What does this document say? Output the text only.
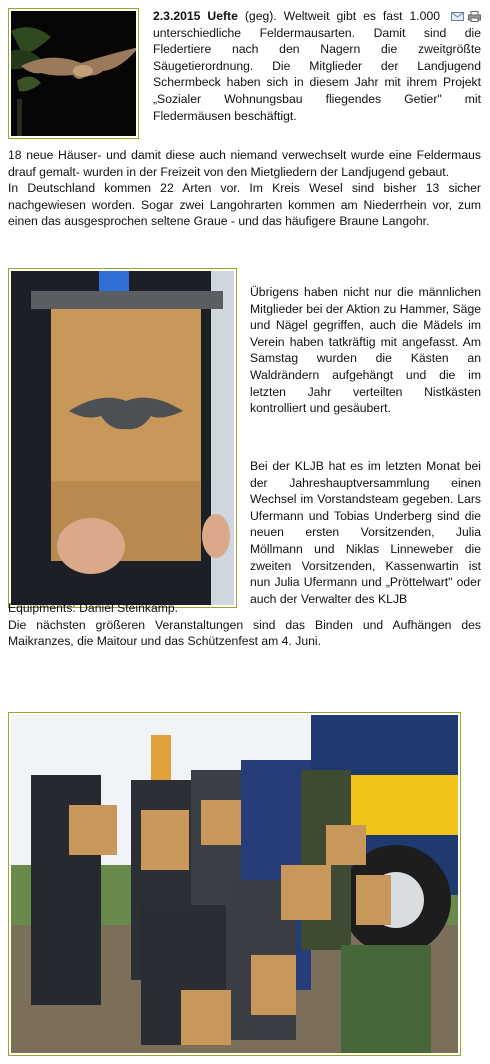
2.3.2015 Uefte (geg). Weltweit gibt es fast 1.000
unterschiedliche Feldermausarten. Damit sind die Fledertiere nach den Nagern die zweitgrößte Säugetierordnung. Die Mitglieder der Landjugend Schermbeck haben sich in diesem Jahr mit ihrem Projekt „Sozialer Wohnungsbau fliegendes Getier" mit Fledermäusen beschäftigt.

18 neue Häuser- und damit diese auch niemand verwechselt wurde eine Feldermaus drauf gemalt- wurden in der Freizeit von den Mietgliedern der Landjugend gebaut.

In Deutschland kommen 22 Arten vor. Im Kreis Wesel sind bisher 13 sicher nachgewiesen worden. Sogar zwei Langohrarten kommen am Niederrhein vor, zum einen das ausgesprochen seltene Graue - und das häufigere Braune Langohr.

Übrigens haben nicht nur die männlichen Mitglieder bei der Aktion zu Hammer, Säge und Nägel gegriffen, auch die Mädels im Verein haben tatkräftig mit angefasst. Am Samstag wurden die Kästen an Waldrändern aufgehängt und die im letzten Jahr verteilten Nistkästen kontrolliert und gesäubert.

Bei der KLJB hat es im letzten Monat bei der Jahreshauptversammlung einen Wechsel im Vorstandsteam gegeben. Lars Ufermann und Tobias Underberg sind die neuen ersten Vorsitzenden, Julia Möllmann und Niklas Linneweber die zweiten Vorsitzenden, Kassenwartin ist nun Julia Ufermann und „Pröttelwart" oder auch der Verwalter des KLJB

Equipments: Daniel Steinkamp.

Die nächsten größeren Veranstaltungen sind das Binden und Aufhängen des Maikranzes, die Maitour und das Schützenfest am 4. Juni.
